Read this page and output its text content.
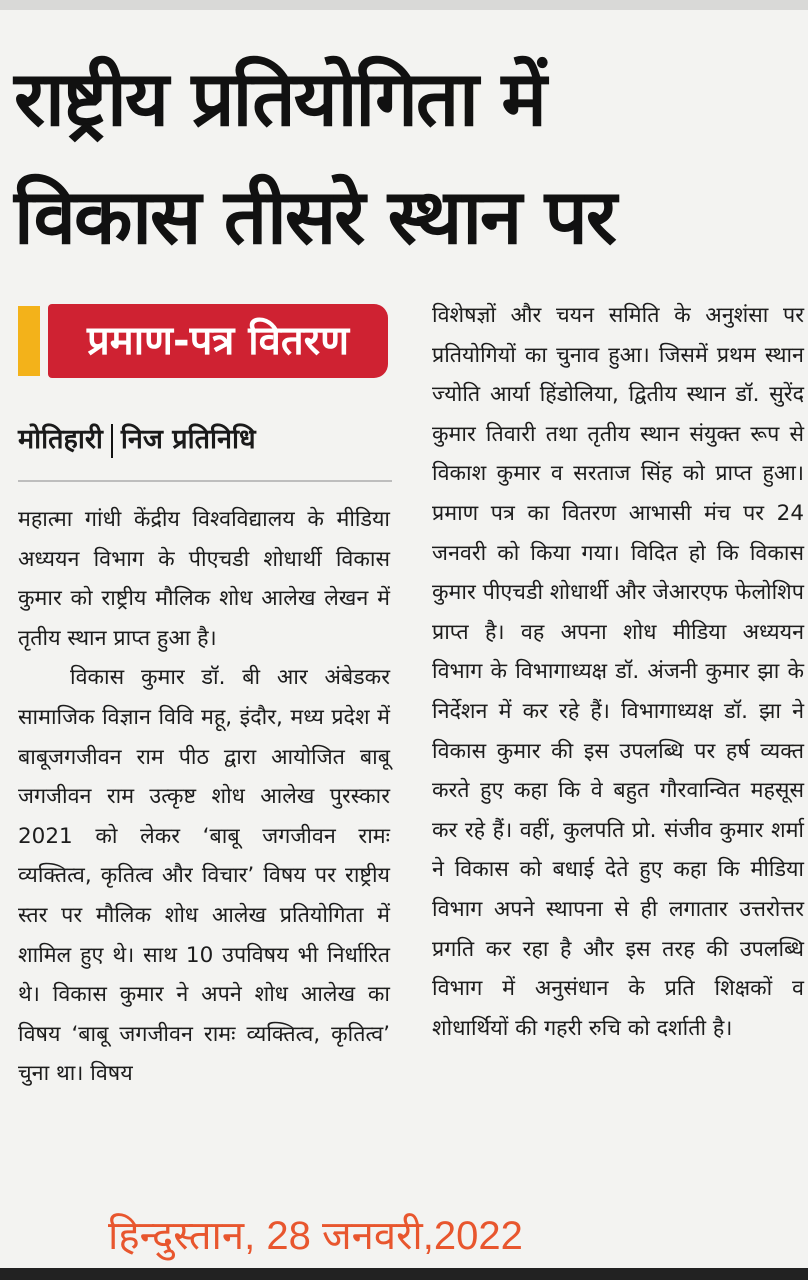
राष्ट्रीय प्रतियोगिता में
विकास तीसरे स्थान पर
प्रमाण-पत्र वितरण
मोतिहारी निज प्रतिनिधि

महात्मा गांधी केंद्रीय विश्वविद्यालय के मीडिया अध्ययन विभाग के पीएचडी शोधार्थी विकास कुमार को राष्ट्रीय मौलिक शोध आलेख लेखन में तृतीय स्थान प्राप्त हुआ है।

विकास कुमार डॉ. बी आर अंबेडकर सामाजिक विज्ञान विवि महू, इंदौर, मध्य प्रदेश में बाबूजगजीवन राम पीठ द्वारा आयोजित बाबू जगजीवन राम उत्कृष्ट शोध आलेख पुरस्कार 2021 को लेकर ‘बाबू जगजीवन रामः व्यक्तित्व, कृतित्व और विचार’ विषय पर राष्ट्रीय स्तर पर मौलिक शोध आलेख प्रतियोगिता में शामिल हुए थे। साथ 10 उपविषय भी निर्धारित थे। विकास कुमार ने अपने शोध आलेख का विषय ‘बाबू जगजीवन रामः व्यक्तित्व, कृतित्व’ चुना था। विषय

विशेषज्ञों और चयन समिति के अनुशंसा पर प्रतियोगियों का चुनाव हुआ। जिसमें प्रथम स्थान ज्योति आर्या हिंडोलिया, द्वितीय स्थान डॉ. सुरेंद कुमार तिवारी तथा तृतीय स्थान संयुक्त रूप से विकाश कुमार व सरताज सिंह को प्राप्त हुआ। प्रमाण पत्र का वितरण आभासी मंच पर 24 जनवरी को किया गया। विदित हो कि विकास कुमार पीएचडी शोधार्थी और जेआरएफ फेलोशिप प्राप्त है। वह अपना शोध मीडिया अध्ययन विभाग के विभागाध्यक्ष डॉ. अंजनी कुमार झा के निर्देशन में कर रहे हैं। विभागाध्यक्ष डॉ. झा ने विकास कुमार की इस उपलब्धि पर हर्ष व्यक्त करते हुए कहा कि वे बहुत गौरवान्वित महसूस कर रहे हैं। वहीं, कुलपति प्रो. संजीव कुमार शर्मा ने विकास को बधाई देते हुए कहा कि मीडिया विभाग अपने स्थापना से ही लगातार उत्तरोत्तर प्रगति कर रहा है और इस तरह की उपलब्धि विभाग में अनुसंधान के प्रति शिक्षकों व शोधार्थियों की गहरी रुचि को दर्शाती है।

हिन्दुस्तान, 28 जनवरी,2022
